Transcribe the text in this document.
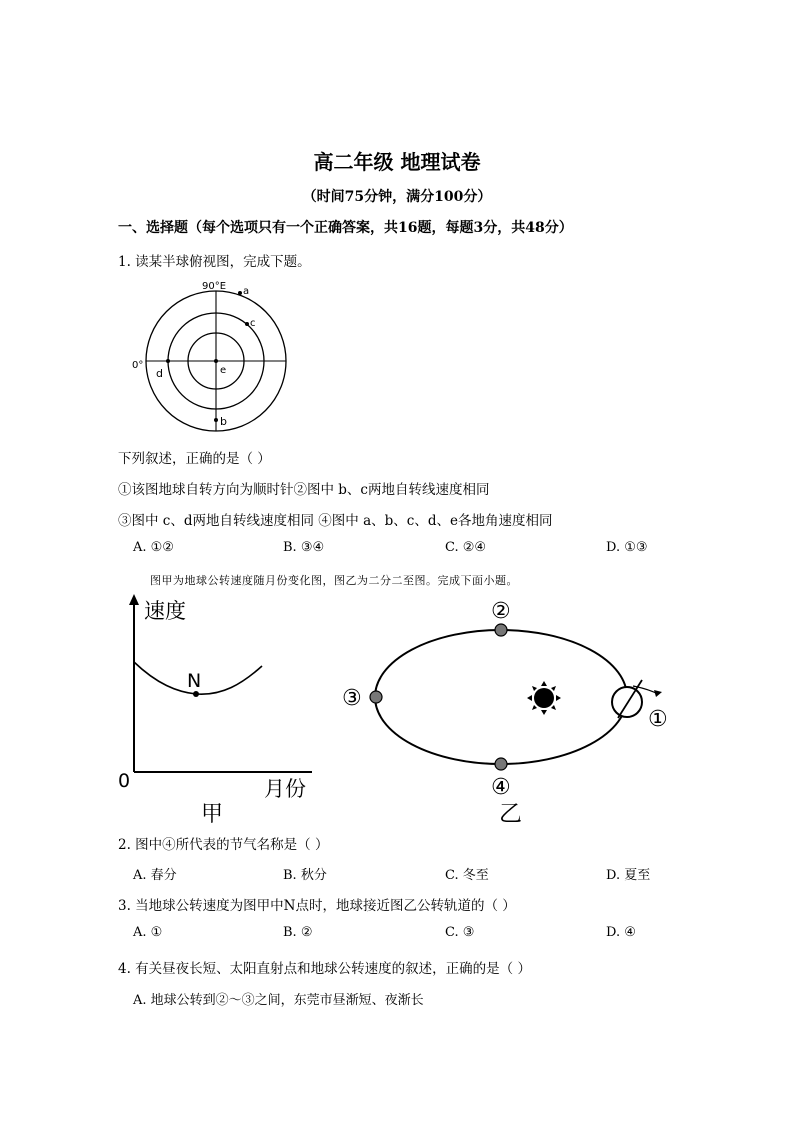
高二年级 地理试卷
（时间75分钟，满分100分）
一、选择题（每个选项只有一个正确答案，共16题，每题3分，共48分）
1. 读某半球俯视图，完成下题。
90°E
0°
a
c
d	e
b
下列叙述，正确的是（ ）
①该图地球自转方向为顺时针②图中 b、c两地自转线速度相同
③图中 c、d两地自转线速度相同 ④图中 a、b、c、d、e各地角速度相同
A. ①②	B. ③④	C. ②④	D. ①③
图甲为地球公转速度随月份变化图，图乙为二分二至图。完成下面小题。
速度
月份
0
N
甲
②
③
①
④
乙
2. 图中④所代表的节气名称是（ ）
A. 春分	B. 秋分	C. 冬至	D. 夏至
3. 当地球公转速度为图甲中N点时，地球接近图乙公转轨道的（ ）
A. ①	B. ②	C. ③	D. ④
4. 有关昼夜长短、太阳直射点和地球公转速度的叙述，正确的是（ ）
A. 地球公转到②～③之间，东莞市昼渐短、夜渐长
